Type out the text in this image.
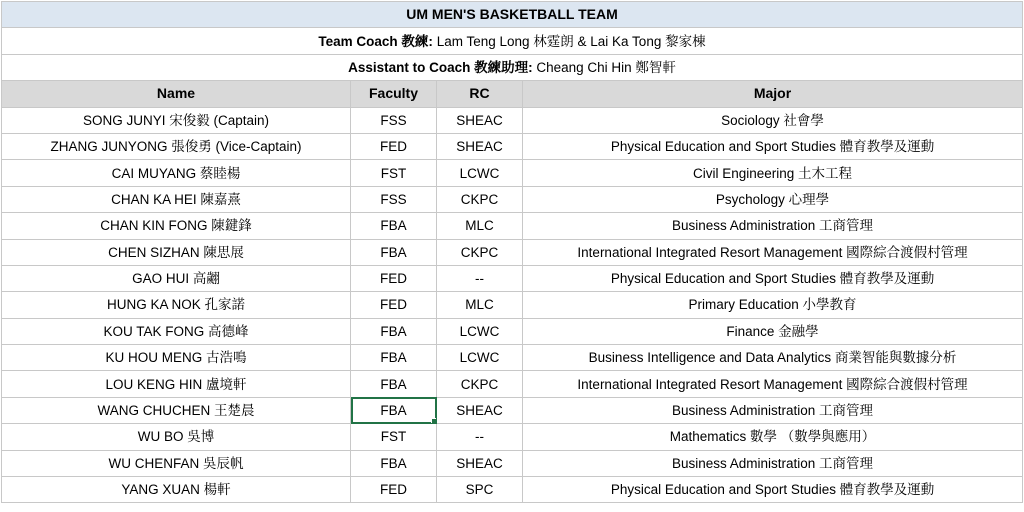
UM MEN'S BASKETBALL TEAM			
Team Coach 教練: Lam Teng Long 林霆朗 & Lai Ka Tong 黎家棟			
Assistant to Coach 教練助理: Cheang Chi Hin 鄭智軒			
Name	Faculty	RC	Major
SONG JUNYI 宋俊毅 (Captain)	FSS	SHEAC	Sociology 社會學
ZHANG JUNYONG 張俊勇 (Vice-Captain)	FED	SHEAC	Physical Education and Sport Studies 體育教學及運動
CAI MUYANG 蔡睦楊	FST	LCWC	Civil Engineering 土木工程
CHAN KA HEI 陳嘉熹	FSS	CKPC	Psychology 心理學
CHAN KIN FONG 陳鍵鋒	FBA	MLC	Business Administration 工商管理
CHEN SIZHAN 陳思展	FBA	CKPC	International Integrated Resort Management 國際綜合渡假村管理
GAO HUI 高翽	FED	--	Physical Education and Sport Studies 體育教學及運動
HUNG KA NOK 孔家諾	FED	MLC	Primary Education 小學教育
KOU TAK FONG 高德峰	FBA	LCWC	Finance 金融學
KU HOU MENG 古浩鳴	FBA	LCWC	Business Intelligence and Data Analytics 商業智能與數據分析
LOU KENG HIN 盧境軒	FBA	CKPC	International Integrated Resort Management 國際綜合渡假村管理
WANG CHUCHEN 王楚晨	FBA	SHEAC	Business Administration 工商管理
WU BO 吳博	FST	--	Mathematics 數學 （數學與應用）
WU CHENFAN 吳辰帆	FBA	SHEAC	Business Administration 工商管理
YANG XUAN 楊軒	FED	SPC	Physical Education and Sport Studies 體育教學及運動
